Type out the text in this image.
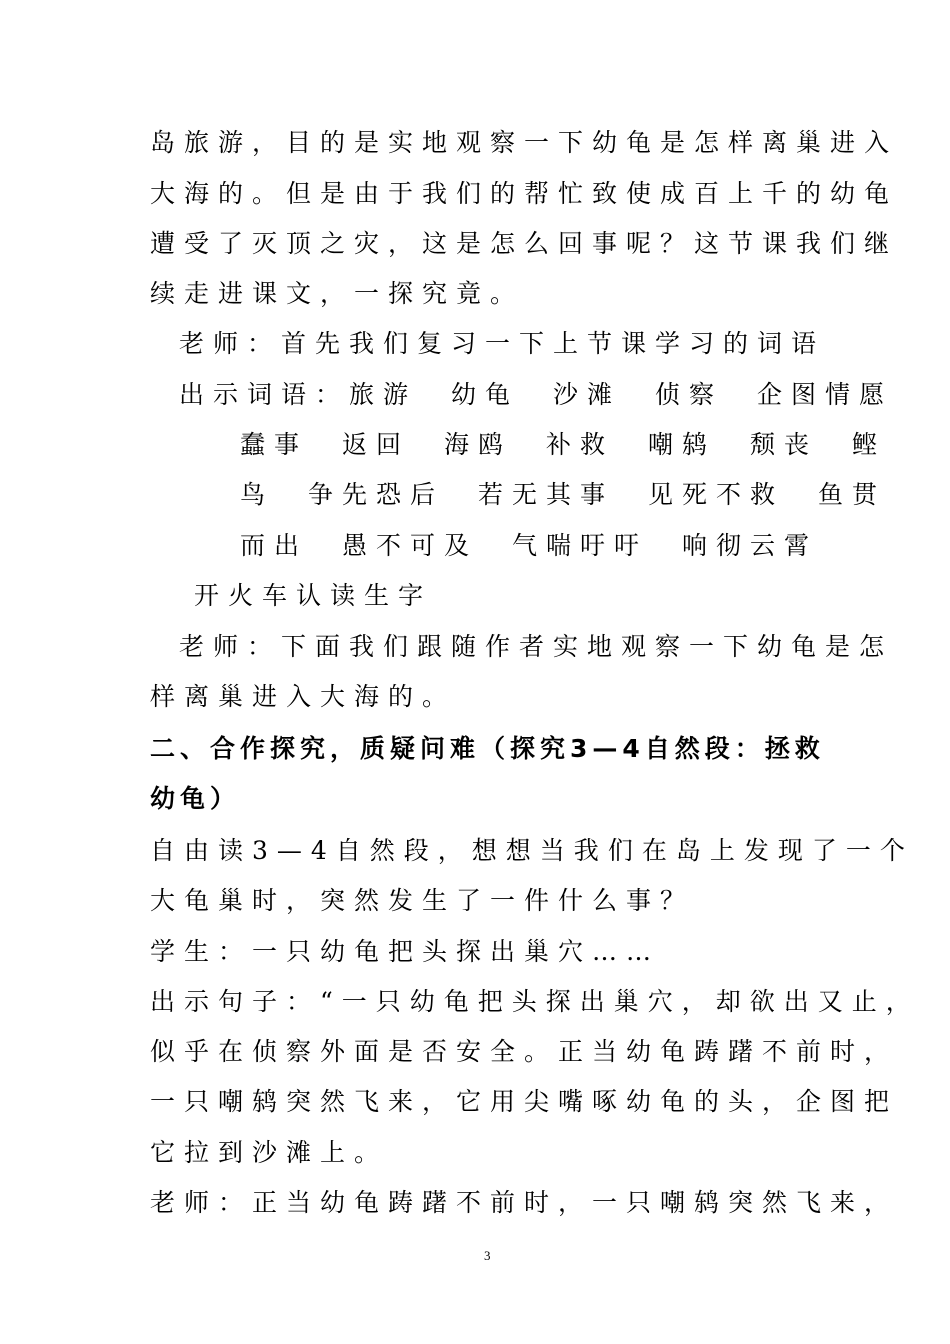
岛旅游，目的是实地观察一下幼龟是怎样离巢进入
大海的。但是由于我们的帮忙致使成百上千的幼龟
遭受了灭顶之灾，这是怎么回事呢？这节课我们继
续走进课文，一探究竟。
老师：首先我们复习一下上节课学习的词语
出示词语：旅游　幼龟　沙滩　侦察　企图情愿
蠢事　返回　海鸥　补救　嘲鸫　颓丧　鲣
鸟　争先恐后　若无其事　见死不救　鱼贯
而出　愚不可及　气喘吁吁　响彻云霄
开火车认读生字
老师：下面我们跟随作者实地观察一下幼龟是怎
样离巢进入大海的。
二、合作探究，质疑问难（探究3—4自然段：拯救
幼龟）
自由读3—4自然段，想想当我们在岛上发现了一个
大龟巢时，突然发生了一件什么事？
学生：一只幼龟把头探出巢穴……
出示句子：“一只幼龟把头探出巢穴，却欲出又止，
似乎在侦察外面是否安全。正当幼龟踌躇不前时，
一只嘲鸫突然飞来，它用尖嘴啄幼龟的头，企图把
它拉到沙滩上。
老师：正当幼龟踌躇不前时，一只嘲鸫突然飞来，
3
